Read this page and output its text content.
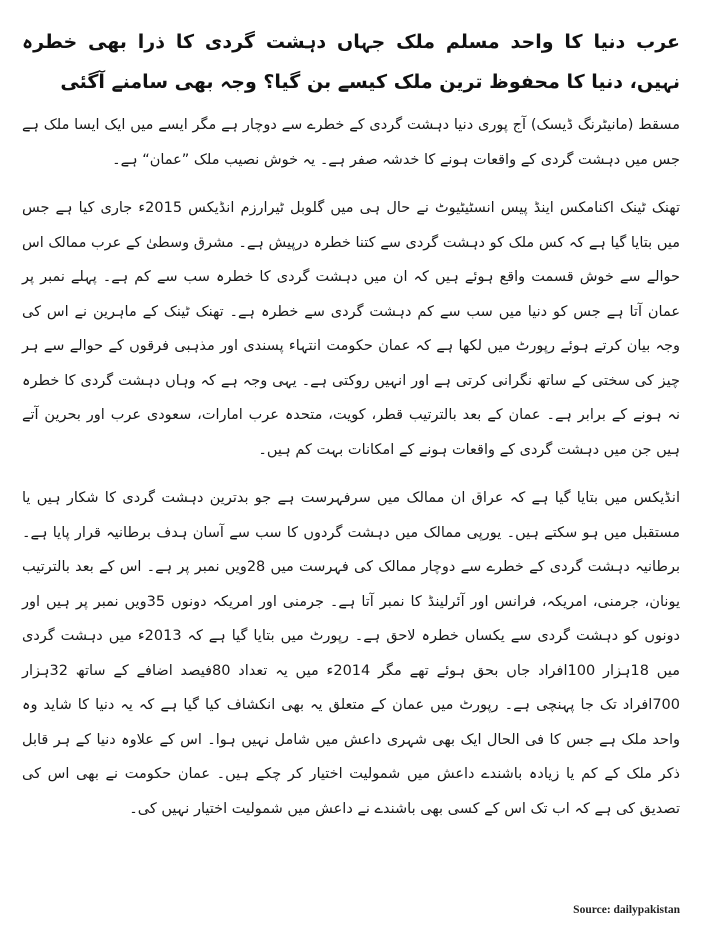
عرب دنیا کا واحد مسلم ملک جہاں دہشت گردی کا ذرا بھی خطرہ نہیں، دنیا کا محفوظ ترین ملک کیسے بن گیا؟ وجہ بھی سامنے آگئی

مسقط (مانیٹرنگ ڈیسک) آج پوری دنیا دہشت گردی کے خطرے سے دوچار ہے مگر ایسے میں ایک ایسا ملک ہے جس میں دہشت گردی کے واقعات ہونے کا خدشہ صفر ہے۔ یہ خوش نصیب ملک ”عمان“ ہے۔

تھنک ٹینک اکنامکس اینڈ پیس انسٹیٹیوٹ نے حال ہی میں گلوبل ٹیرارزم انڈیکس 2015ء جاری کیا ہے جس میں بتایا گیا ہے کہ کس ملک کو دہشت گردی سے کتنا خطرہ درپیش ہے۔ مشرق وسطیٰ کے عرب ممالک اس حوالے سے خوش قسمت واقع ہوئے ہیں کہ ان میں دہشت گردی کا خطرہ سب سے کم ہے۔ پہلے نمبر پر عمان آتا ہے جس کو دنیا میں سب سے کم دہشت گردی سے خطرہ ہے۔ تھنک ٹینک کے ماہرین نے اس کی وجہ بیان کرتے ہوئے رپورٹ میں لکھا ہے کہ عمان حکومت انتہاء پسندی اور مذہبی فرقوں کے حوالے سے ہر چیز کی سختی کے ساتھ نگرانی کرتی ہے اور انہیں روکتی ہے۔ یہی وجہ ہے کہ وہاں دہشت گردی کا خطرہ نہ ہونے کے برابر ہے۔ عمان کے بعد بالترتیب قطر، کویت، متحدہ عرب امارات، سعودی عرب اور بحرین آتے ہیں جن میں دہشت گردی کے واقعات ہونے کے امکانات بہت کم ہیں۔

انڈیکس میں بتایا گیا ہے کہ عراق ان ممالک میں سرفہرست ہے جو بدترین دہشت گردی کا شکار ہیں یا مستقبل میں ہو سکتے ہیں۔ یورپی ممالک میں دہشت گردوں کا سب سے آسان ہدف برطانیہ قرار پایا ہے۔ برطانیہ دہشت گردی کے خطرے سے دوچار ممالک کی فہرست میں 28ویں نمبر پر ہے۔ اس کے بعد بالترتیب یونان، جرمنی، امریکہ، فرانس اور آئرلینڈ کا نمبر آتا ہے۔ جرمنی اور امریکہ دونوں 35ویں نمبر پر ہیں اور دونوں کو دہشت گردی سے یکساں خطرہ لاحق ہے۔ رپورٹ میں بتایا گیا ہے کہ 2013ء میں دہشت گردی میں 18ہزار 100افراد جاں بحق ہوئے تھے مگر 2014ء میں یہ تعداد 80فیصد اضافے کے ساتھ 32ہزار 700افراد تک جا پہنچی ہے۔ رپورٹ میں عمان کے متعلق یہ بھی انکشاف کیا گیا ہے کہ یہ دنیا کا شاید وہ واحد ملک ہے جس کا فی الحال ایک بھی شہری داعش میں شامل نہیں ہوا۔ اس کے علاوہ دنیا کے ہر قابل ذکر ملک کے کم یا زیادہ باشندے داعش میں شمولیت اختیار کر چکے ہیں۔ عمان حکومت نے بھی اس کی تصدیق کی ہے کہ اب تک اس کے کسی بھی باشندے نے داعش میں شمولیت اختیار نہیں کی۔

Source: dailypakistan
